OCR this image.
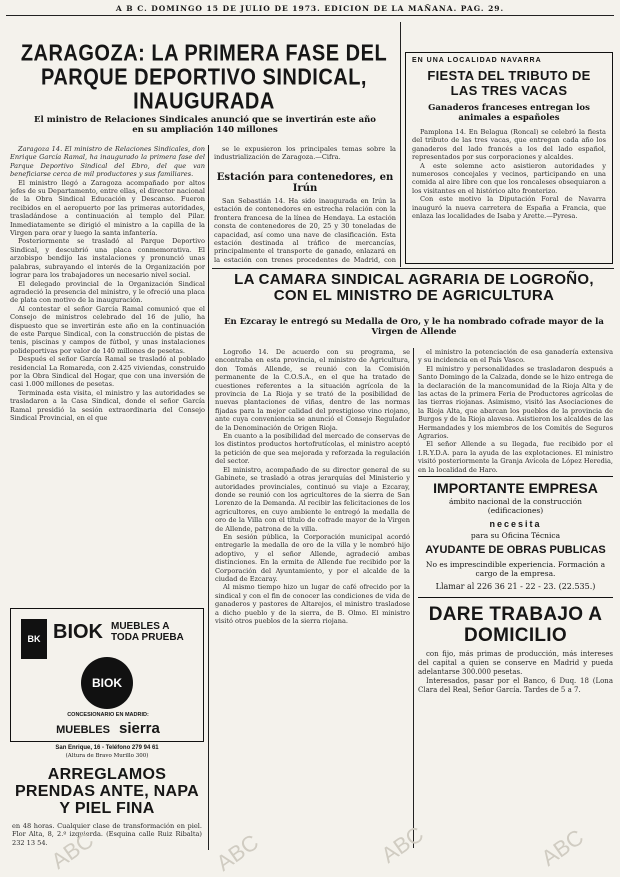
A B C. DOMINGO 15 DE JULIO DE 1973. EDICION DE LA MAÑANA. PAG. 29.
ZARAGOZA: LA PRIMERA FASE DEL PARQUE DEPORTIVO SINDICAL, INAUGURADA
El ministro de Relaciones Sindicales anunció que se invertirán este año en su ampliación 140 millones

Zaragoza 14. El ministro de Relaciones Sindicales, don Enrique García Ramal, ha inaugurado la primera fase del Parque Deportivo Sindical del Ebro, del que van beneficiarse cerca de mil productores y sus familiares.

El ministro llegó a Zaragoza acompañado por altos jefes de su Departamento, entre ellas, el director nacional de la Obra Sindical Educación y Descanso. Fueron recibidos en el aeropuerto por las primeras autoridades, trasladándose a continuación al templo del Pilar. Inmediatamente se dirigió el ministro a la capilla de la Virgen para orar y luego la santa infantería.

Posteriormente se trasladó al Parque Deportivo Sindical, y descubrió una placa conmemorativa. El arzobispo bendijo las instalaciones y pronunció unas palabras, subrayando el interés de la Organización por lograr para los trabajadores un necesario nivel social.

El delegado provincial de la Organización Sindical agradeció la presencia del ministro, y le ofreció una placa de plata con motivo de la inauguración.

Al contestar el señor García Ramal comunicó que el Consejo de ministros celebrado del 16 de julio, ha dispuesto que se invertirán este año en la continuación de este Parque Sindical, con la construcción de pistas de tenis, piscinas y campos de fútbol, y unas instalaciones polideportivas por valor de 140 millones de pesetas.

Después el señor García Ramal se trasladó al poblado residencial La Romareda, con 2.425 viviendas, construido por la Obra Sindical del Hogar, que con una inversión de casi 1.000 millones de pesetas.

Terminada esta visita, el ministro y las autoridades se trasladaron a la Casa Sindical, donde el señor García Ramal presidió la sesión extraordinaria del Consejo Sindical Provincial, en el que

se le expusieron los principales temas sobre la industrialización de Zaragoza.—Cifra.

Estación para contenedores, en Irún

San Sebastián 14. Ha sido inaugurada en Irún la estación de contenedores en estrecha relación con la frontera francesa de la línea de Hendaya. La estación consta de contenedores de 20, 25 y 30 toneladas de capacidad, así como una nave de clasificación. Esta estación destinada al tráfico de mercancías, principalmente el transporte de ganado, enlazará en la estación con trenes procedentes de Madrid, con

EN UNA LOCALIDAD NAVARRA
FIESTA DEL TRIBUTO DE LAS TRES VACAS
Ganaderos franceses entregan los animales a españoles

Pamplona 14. En Belagua (Roncal) se celebró la fiesta del tributo de las tres vacas, que entregan cada año los ganaderos del lado francés a los del lado español, representados por sus corporaciones y alcaldes.

A este solemne acto asistieron autoridades y numerosos concejales y vecinos, participando en una comida al aire libre con que los roncaleses obsequiaron a los visitantes en el histórico alto fronterizo.

Con este motivo la Diputación Foral de Navarra inauguró la nueva carretera de España a Francia, que enlaza las localidades de Isaba y Arette.—Pyresa.

LA CAMARA SINDICAL AGRARIA DE LOGROÑO, CON EL MINISTRO DE AGRICULTURA
En Ezcaray le entregó su Medalla de Oro, y le ha nombrado cofrade mayor de la Virgen de Allende

Logroño 14. De acuerdo con su programa, se encontraba en esta provincia, el ministro de Agricultura, don Tomás Allende, se reunió con la Comisión permanente de la C.O.S.A., en el que ha tratado de cuestiones referentes a la situación agrícola de la provincia de La Rioja y se trató de la posibilidad de nuevas plantaciones de viñas, dentro de las normas fijadas para la mejor calidad del prestigioso vino riojano, ante cuya conveniencia se anunció el Consejo Regulador de la Denominación de Origen Rioja.

En cuanto a la posibilidad del mercado de conservas de los distintos productos hortofrutícolas, el ministro aceptó la petición de que sea mejorada y reforzada la regulación del sector.

El ministro, acompañado de su director general de su Gabinete, se trasladó a otras jerarquías del Ministerio y autoridades provinciales, continuó su viaje a Ezcaray, donde se reunió con los agricultores de la sierra de San Lorenzo de la Demanda. Al recibir las felicitaciones de los agricultores, en cuyo ambiente le entregó la medalla de oro de la Villa con el título de cofrade mayor de la Virgen de Allende, patrona de la villa.

En sesión pública, la Corporación municipal acordó entregarle la medalla de oro de la villa y le nombró hijo adoptivo, y el señor Allende, agradeció ambas distinciones. En la ermita de Allende fue recibido por la Corporación del Ayuntamiento, y por el alcalde de la ciudad de Ezcaray.

Al mismo tiempo hizo un lugar de café ofrecido por la sindical y con el fin de conocer las condiciones de vida de ganaderos y pastores de Altarejos, el ministro trasladose a dicho pueblo y de la sierra, de B. Olmo. El ministro visitó otros pueblos de la sierra riojana.

el ministro la potenciación de esa ganadería extensiva y su incidencia en el País Vasco.

El ministro y personalidades se trasladaron después a Santo Domingo de la Calzada, donde se le hizo entrega de la declaración de la mancomunidad de la Rioja Alta y de las actas de la primera Feria de Productores agrícolas de las tierras riojanas. Asimismo, visitó las Asociaciones de la Rioja Alta, que abarcan los pueblos de la provincia de Burgos y de la Rioja alavesa. Asistieron los alcaldes de las Hermandades y los miembros de los Comités de Seguros Agrarios.

El señor Allende a su llegada, fue recibido por el I.R.Y.D.A. para la ayuda de las explotaciones. El ministro visitó posteriormente la Granja Avícola de López Heredia, en la localidad de Haro.

BK BIOK MUEBLES A
TODA PRUEBA
BIOK
CONCESIONARIO EN MADRID:
MUEBLES sierra
San Enrique, 16 - Teléfono 279 94 61
(Altura de Bravo Murillo 300)
ARREGLAMOS PRENDAS ANTE, NAPA Y PIEL FINA
en 48 horas. Cualquier clase de transformación en piel. Flor Alta, 8, 2.º izquierda. (Esquina calle Ruiz Ribalta) 232 13 54.
IMPORTANTE EMPRESA
ámbito nacional de la construcción
(edificaciones)
necesita
para su Oficina Técnica
AYUDANTE DE OBRAS PUBLICAS
No es imprescindible experiencia. Formación a cargo de la empresa.
Llamar al 226 36 21 - 22 - 23. (22.535.)
DARE TRABAJO A DOMICILIO

con fijo, más primas de producción, más intereses del capital a quien se conserve en Madrid y pueda adelantarse 300.000 pesetas.

Interesados, pasar por el Banco, 6 Duq. 18 (Lona Clara del Real, Señor García. Tardes de 5 a 7.

ABC	ABC	ABC	ABC
